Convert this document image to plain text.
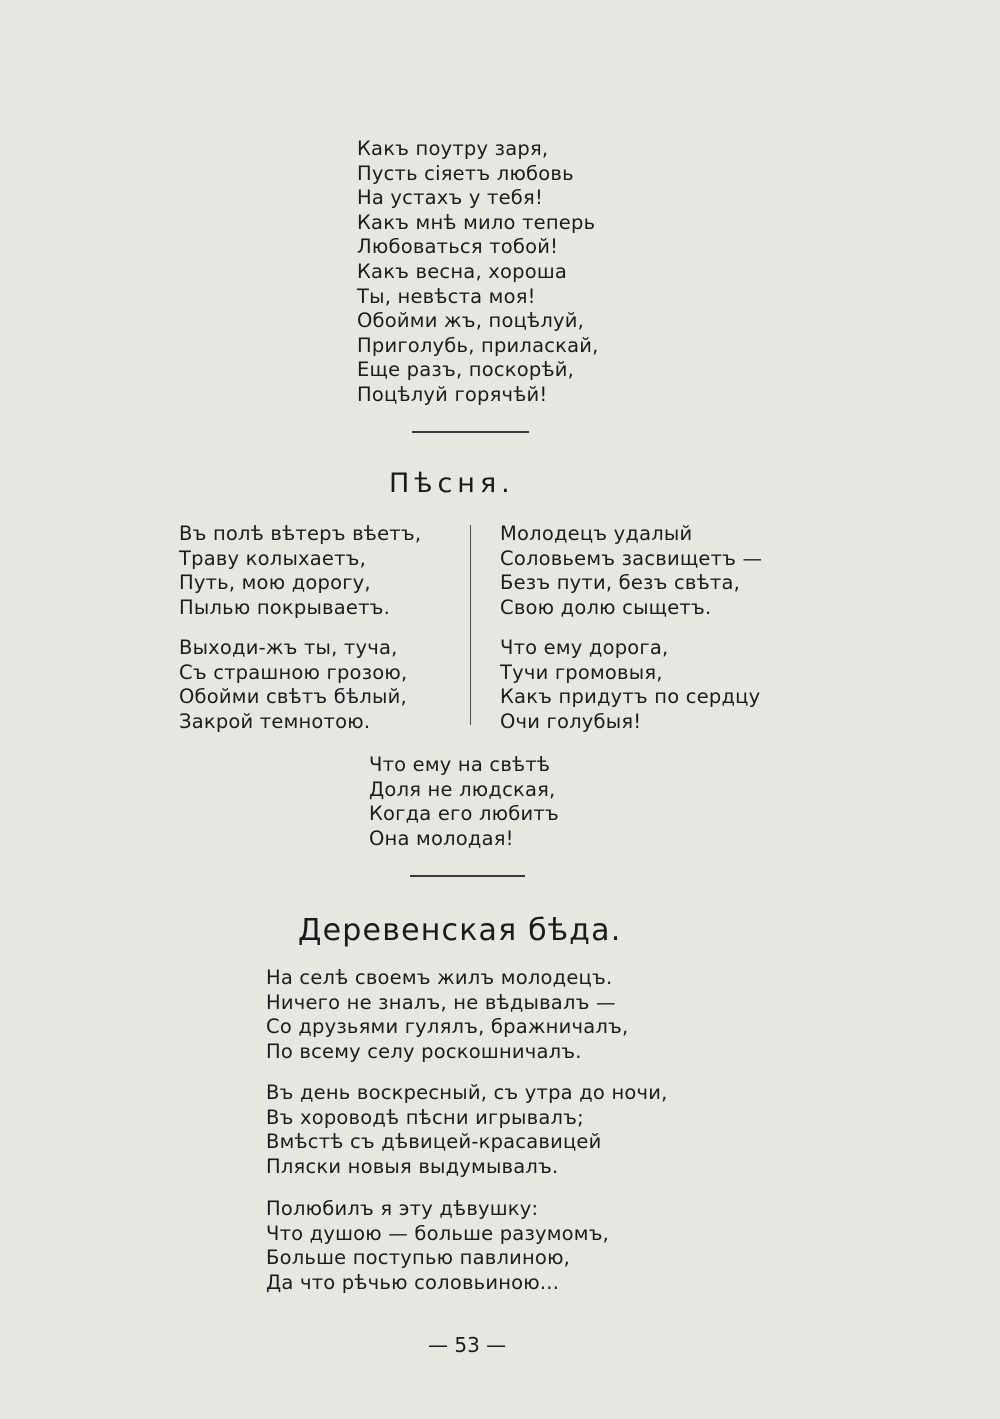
Какъ поутру заря,
Пусть сіяетъ любовь
На устахъ у тебя!
Какъ мнѣ мило теперь
Любоваться тобой!
Какъ весна, хороша
Ты, невѣста моя!
Обойми жъ, поцѣлуй,
Приголубь, приласкай,
Еще разъ, поскорѣй,
Поцѣлуй горячѣй!
Пѣсня.
Въ полѣ вѣтеръ вѣетъ,
Траву колыхаетъ,
Путь, мою дорогу,
Пылью покрываетъ.
Выходи-жъ ты, туча,
Съ страшною грозою,
Обойми свѣтъ бѣлый,
Закрой темнотою.
Молодецъ удалый
Соловьемъ засвищетъ —
Безъ пути, безъ свѣта,
Свою долю сыщетъ.
Что ему дорога,
Тучи громовыя,
Какъ придутъ по сердцу
Очи голубыя!
Что ему на свѣтѣ
Доля не людская,
Когда его любитъ
Она молодая!
Деревенская бѣда.
На селѣ своемъ жилъ молодецъ.
Ничего не зналъ, не вѣдывалъ —
Со друзьями гулялъ, бражничалъ,
По всему селу роскошничалъ.
Въ день воскресный, съ утра до ночи,
Въ хороводѣ пѣсни игрывалъ;
Вмѣстѣ съ дѣвицей-красавицей
Пляски новыя выдумывалъ.
Полюбилъ я эту дѣвушку:
Что душою — больше разумомъ,
Больше поступью павлиною,
Да что рѣчью соловьиною...
— 53 —
